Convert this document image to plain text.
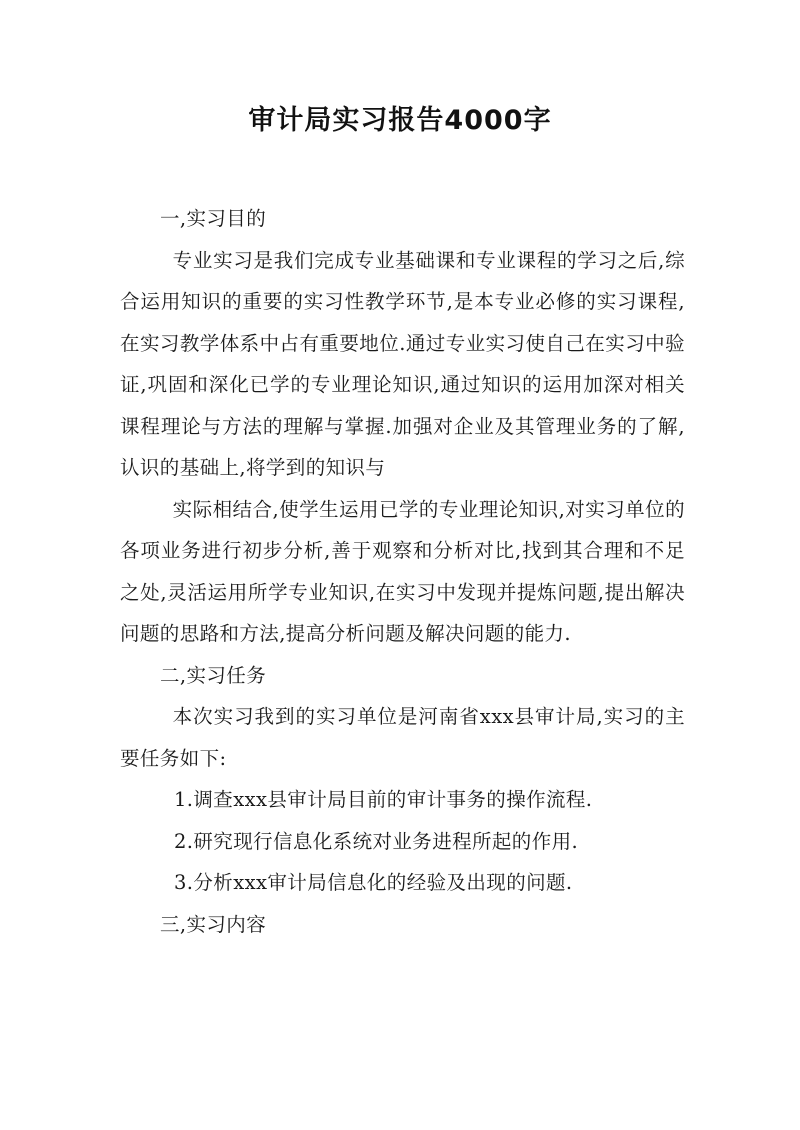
审计局实习报告4000字

一,实习目的

专业实习是我们完成专业基础课和专业课程的学习之后,综合运用知识的重要的实习性教学环节,是本专业必修的实习课程,在实习教学体系中占有重要地位.通过专业实习使自己在实习中验证,巩固和深化已学的专业理论知识,通过知识的运用加深对相关课程理论与方法的理解与掌握.加强对企业及其管理业务的了解,认识的基础上,将学到的知识与

实际相结合,使学生运用已学的专业理论知识,对实习单位的各项业务进行初步分析,善于观察和分析对比,找到其合理和不足之处,灵活运用所学专业知识,在实习中发现并提炼问题,提出解决问题的思路和方法,提高分析问题及解决问题的能力.

二,实习任务

本次实习我到的实习单位是河南省xxx县审计局,实习的主要任务如下:

1.调查xxx县审计局目前的审计事务的操作流程.

2.研究现行信息化系统对业务进程所起的作用.

3.分析xxx审计局信息化的经验及出现的问题.

三,实习内容
